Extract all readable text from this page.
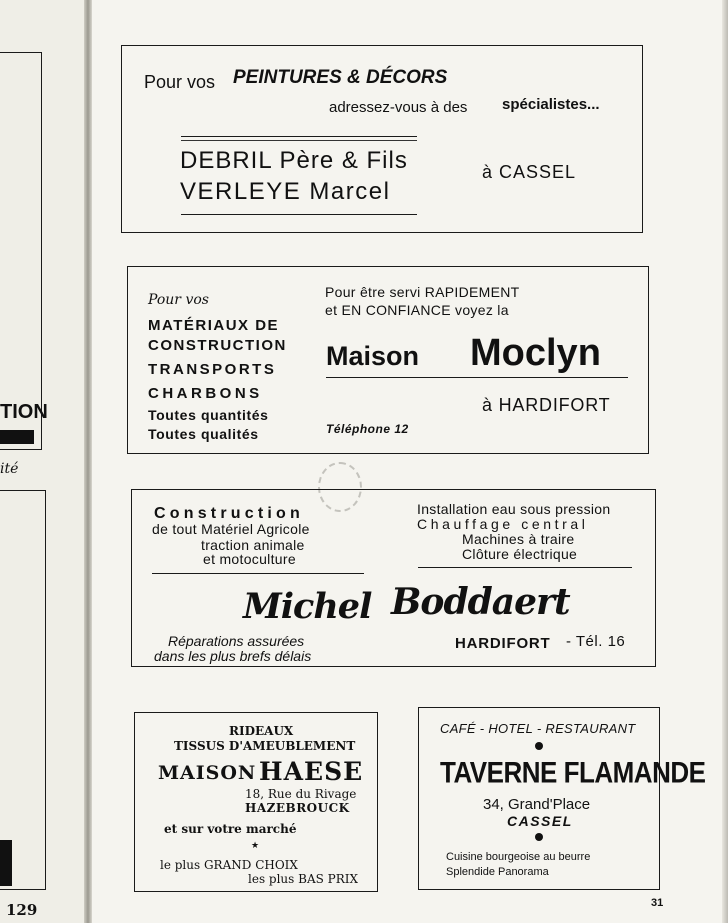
TION
ité
129
Pour vos PEINTURES & DÉCORS
adressez-vous à des spécialistes...
DEBRIL Père & Fils
VERLEYE Marcel
à CASSEL
Pour vos
MATÉRIAUX DE
CONSTRUCTION
TRANSPORTS
CHARBONS
Toutes quantités
Toutes qualités
Pour être servi RAPIDEMENT
et EN CONFIANCE voyez la
Maison Moclyn
à HARDIFORT
Téléphone 12
Construction
de tout Matériel Agricole
traction animale
et motoculture
Installation eau sous pression
Chauffage central
Machines à traire
Clôture électrique
Michel Boddaert
Réparations assurées
dans les plus brefs délais
HARDIFORT - Tél. 16
RIDEAUX
TISSUS D'AMEUBLEMENT
MAISON HAESE
18, Rue du Rivage
HAZEBROUCK
et sur votre marché
★
le plus GRAND CHOIX
les plus BAS PRIX
CAFÉ - HOTEL - RESTAURANT
TAVERNE FLAMANDE
34, Grand'Place
CASSEL
Cuisine bourgeoise au beurre
Splendide Panorama
31
